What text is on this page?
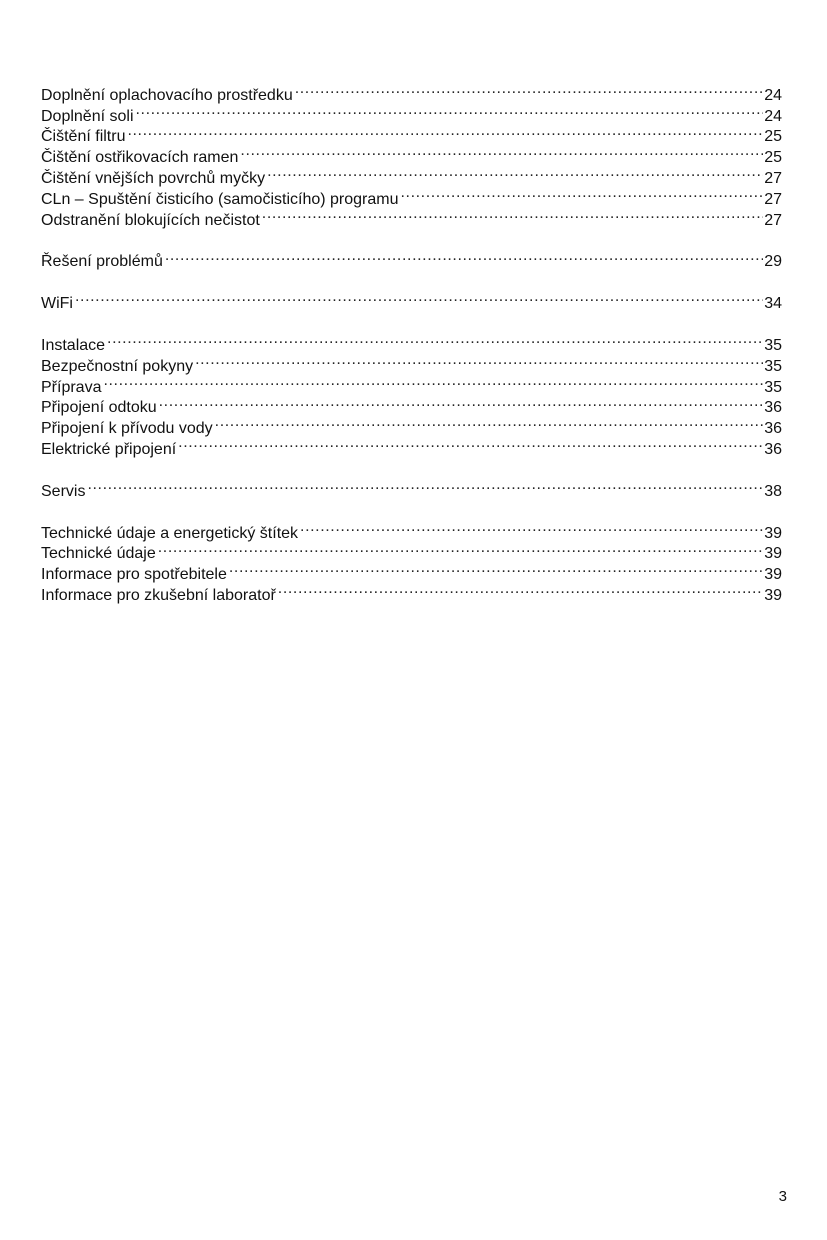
Doplnění oplachovacího prostředku .....	24
Doplnění soli .....	24
Čištění filtru .....	25
Čištění ostřikovacích ramen .....	25
Čištění vnějších povrchů myčky .....	27
CLn – Spuštění čisticího (samočisticího) programu .....	27
Odstranění blokujících nečistot .....	27
Řešení problémů .....	29
WiFi .....	34
Instalace .....	35
Bezpečnostní pokyny .....	35
Příprava .....	35
Připojení odtoku .....	36
Připojení k přívodu vody .....	36
Elektrické připojení .....	36
Servis .....	38
Technické údaje a energetický štítek .....	39
Technické údaje .....	39
Informace pro spotřebitele .....	39
Informace pro zkušební laboratoř .....	39
3
